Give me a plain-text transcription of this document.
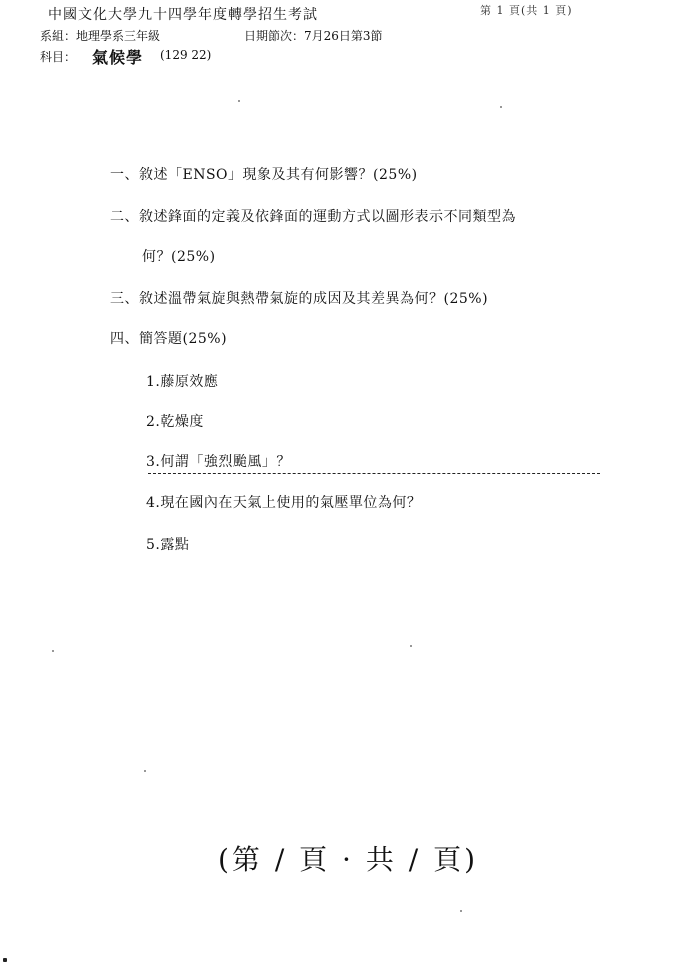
中國文化大學九十四學年度轉學招生考試	第 1 頁(共 1 頁)
系組：地理學系三年級	日期節次：7月26日第3節
科目： 氣候學 (129 22)
一、敘述「ENSO」現象及其有何影響？(25%)
二、敘述鋒面的定義及依鋒面的運動方式以圖形表示不同類型為
何？(25%)
三、敘述溫帶氣旋與熱帶氣旋的成因及其差異為何？(25%)
四、簡答題(25%)
1.藤原效應
2.乾燥度
3.何謂「強烈颱風」？
4.現在國內在天氣上使用的氣壓單位為何？
5.露點
(第 / 頁 · 共 / 頁)
